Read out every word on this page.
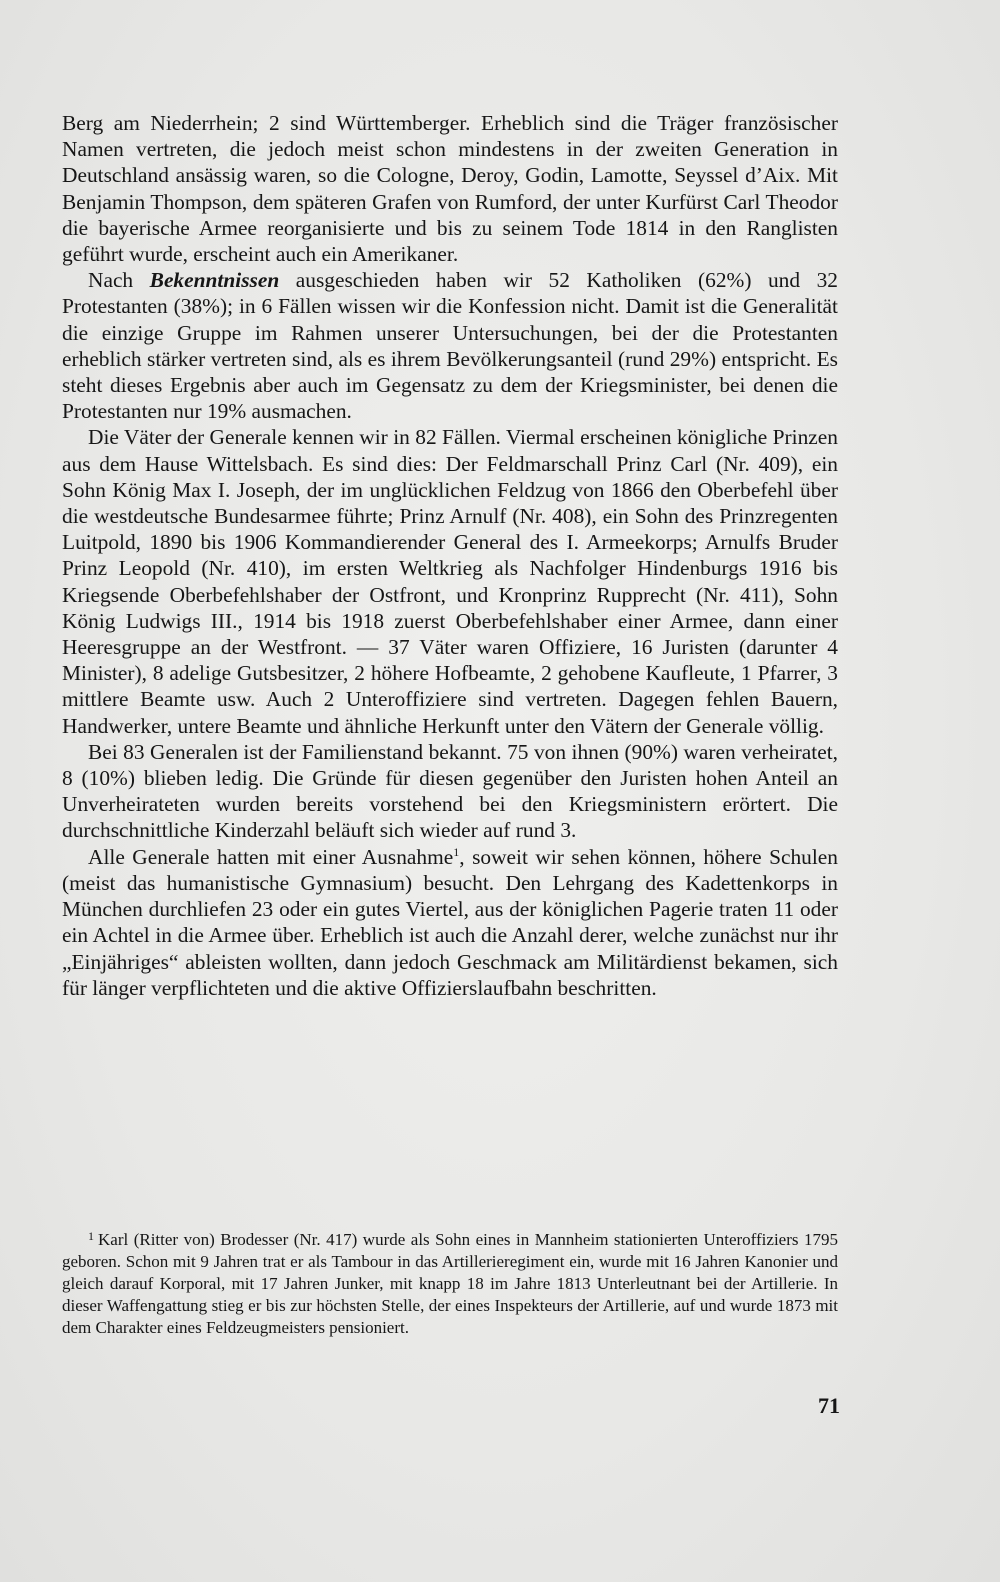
Berg am Niederrhein; 2 sind Württemberger. Erheblich sind die Träger französischer Namen vertreten, die jedoch meist schon mindestens in der zweiten Generation in Deutschland ansässig waren, so die Cologne, Deroy, Godin, Lamotte, Seyssel d’Aix. Mit Benjamin Thompson, dem späteren Grafen von Rumford, der unter Kurfürst Carl Theodor die bayerische Armee reorganisierte und bis zu seinem Tode 1814 in den Ranglisten geführt wurde, erscheint auch ein Amerikaner.

Nach Bekenntnissen ausgeschieden haben wir 52 Katholiken (62%) und 32 Protestanten (38%); in 6 Fällen wissen wir die Konfession nicht. Damit ist die Generalität die einzige Gruppe im Rahmen unserer Untersuchungen, bei der die Protestanten erheblich stärker vertreten sind, als es ihrem Bevölkerungsanteil (rund 29%) entspricht. Es steht dieses Ergebnis aber auch im Gegensatz zu dem der Kriegsminister, bei denen die Protestanten nur 19% ausmachen.

Die Väter der Generale kennen wir in 82 Fällen. Viermal erscheinen königliche Prinzen aus dem Hause Wittelsbach. Es sind dies: Der Feldmarschall Prinz Carl (Nr. 409), ein Sohn König Max I. Joseph, der im unglücklichen Feldzug von 1866 den Oberbefehl über die westdeutsche Bundesarmee führte; Prinz Arnulf (Nr. 408), ein Sohn des Prinzregenten Luitpold, 1890 bis 1906 Kommandierender General des I. Armeekorps; Arnulfs Bruder Prinz Leopold (Nr. 410), im ersten Weltkrieg als Nachfolger Hindenburgs 1916 bis Kriegsende Oberbefehlshaber der Ostfront, und Kronprinz Rupprecht (Nr. 411), Sohn König Ludwigs III., 1914 bis 1918 zuerst Oberbefehlshaber einer Armee, dann einer Heeresgruppe an der Westfront. — 37 Väter waren Offiziere, 16 Juristen (darunter 4 Minister), 8 adelige Gutsbesitzer, 2 höhere Hofbeamte, 2 gehobene Kaufleute, 1 Pfarrer, 3 mittlere Beamte usw. Auch 2 Unteroffiziere sind vertreten. Dagegen fehlen Bauern, Handwerker, untere Beamte und ähnliche Herkunft unter den Vätern der Generale völlig.

Bei 83 Generalen ist der Familienstand bekannt. 75 von ihnen (90%) waren verheiratet, 8 (10%) blieben ledig. Die Gründe für diesen gegenüber den Juristen hohen Anteil an Unverheirateten wurden bereits vorstehend bei den Kriegsministern erörtert. Die durchschnittliche Kinderzahl beläuft sich wieder auf rund 3.

Alle Generale hatten mit einer Ausnahme$^1$, soweit wir sehen können, höhere Schulen (meist das humanistische Gymnasium) besucht. Den Lehrgang des Kadettenkorps in München durchliefen 23 oder ein gutes Viertel, aus der königlichen Pagerie traten 11 oder ein Achtel in die Armee über. Erheblich ist auch die Anzahl derer, welche zunächst nur ihr „Einjähriges“ ableisten wollten, dann jedoch Geschmack am Militärdienst bekamen, sich für länger verpflichteten und die aktive Offizierslaufbahn beschritten.

$^1$ Karl (Ritter von) Brodesser (Nr. 417) wurde als Sohn eines in Mannheim stationierten Unteroffiziers 1795 geboren. Schon mit 9 Jahren trat er als Tambour in das Artillerieregiment ein, wurde mit 16 Jahren Kanonier und gleich darauf Korporal, mit 17 Jahren Junker, mit knapp 18 im Jahre 1813 Unterleutnant bei der Artillerie. In dieser Waffengattung stieg er bis zur höchsten Stelle, der eines Inspekteurs der Artillerie, auf und wurde 1873 mit dem Charakter eines Feldzeugmeisters pensioniert.

71
